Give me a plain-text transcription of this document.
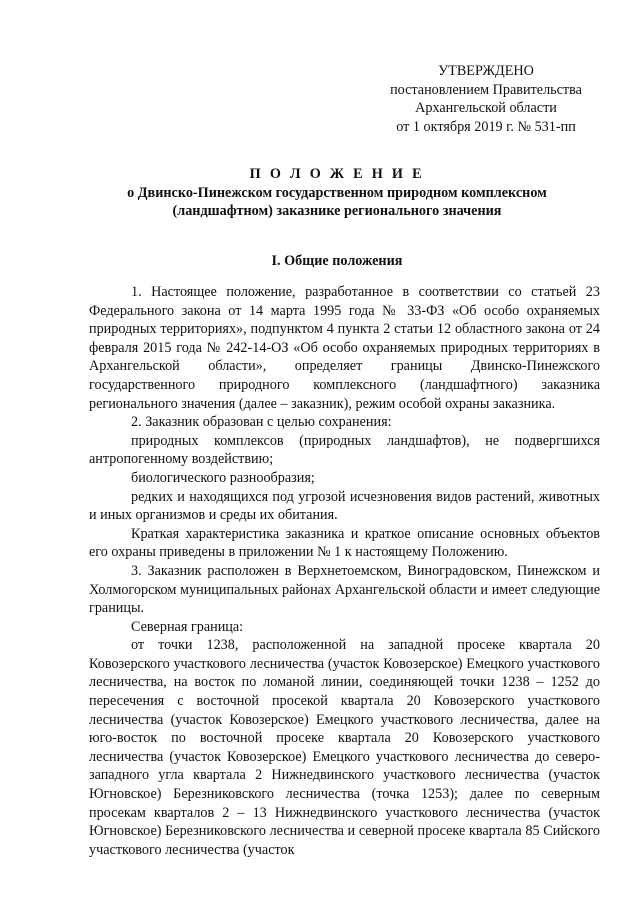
УТВЕРЖДЕНО
постановлением Правительства
Архангельской области
от 1 октября 2019 г. № 531-пп
П О Л О Ж Е Н И Е
о Двинско-Пинежском государственном природном комплексном
(ландшафтном) заказнике регионального значения
I. Общие положения

1. Настоящее положение, разработанное в соответствии со статьей 23 Федерального закона от 14 марта 1995 года № 33-ФЗ «Об особо охраняемых природных территориях», подпунктом 4 пункта 2 статьи 12 областного закона от 24 февраля 2015 года № 242-14-ОЗ «Об особо охраняемых природных территориях в Архангельской области», определяет границы Двинско-Пинежского государственного природного комплексного (ландшафтного) заказника регионального значения (далее – заказник), режим особой охраны заказника.

2. Заказник образован с целью сохранения:

природных комплексов (природных ландшафтов), не подвергшихся антропогенному воздействию;

биологического разнообразия;

редких и находящихся под угрозой исчезновения видов растений, животных и иных организмов и среды их обитания.

Краткая характеристика заказника и краткое описание основных объектов его охраны приведены в приложении № 1 к настоящему Положению.

3. Заказник расположен в Верхнетоемском, Виноградовском, Пинежском и Холмогорском муниципальных районах Архангельской области и имеет следующие границы.

Северная граница:

от точки 1238, расположенной на западной просеке квартала 20 Ковозерского участкового лесничества (участок Ковозерское) Емецкого участкового лесничества, на восток по ломаной линии, соединяющей точки 1238 – 1252 до пересечения с восточной просекой квартала 20 Ковозерского участкового лесничества (участок Ковозерское) Емецкого участкового лесничества, далее на юго-восток по восточной просеке квартала 20 Ковозерского участкового лесничества (участок Ковозерское) Емецкого участкового лесничества до северо-западного угла квартала 2 Нижнедвинского участкового лесничества (участок Югновское) Березниковского лесничества (точка 1253); далее по северным просекам кварталов 2 – 13 Нижнедвинского участкового лесничества (участок Югновское) Березниковского лесничества и северной просеке квартала 85 Сийского участкового лесничества (участок
